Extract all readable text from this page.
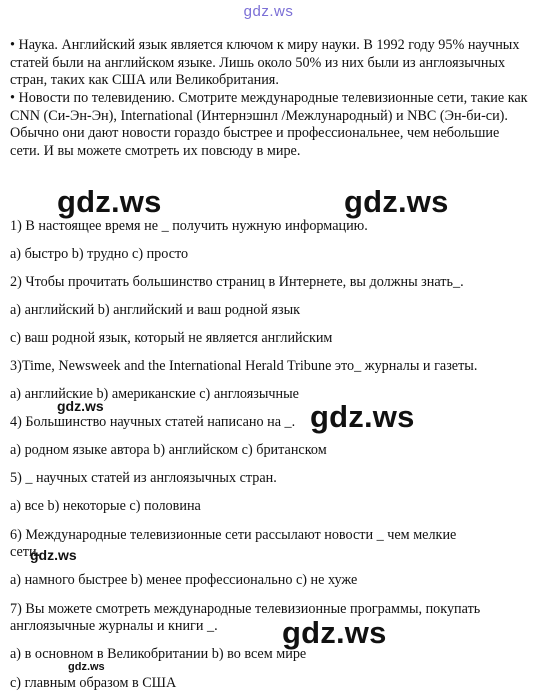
gdz.ws

• Наука. Английский язык является ключом к миру науки. В 1992 году 95% научных статей были на английском языке. Лишь около 50% из них были из англоязычных стран, таких как США или Великобритания.

• Новости по телевидению. Смотрите международные телевизионные сети, такие как CNN (Си-Эн-Эн), International (Интернэшнл /Межлународный) и NBC (Эн-би-си). Обычно они дают новости гораздо быстрее и профессиональнее, чем небольшие сети. И вы можете смотреть их повсюду в мире.

gdz.ws	gdz.ws

1) В настоящее время не _ получить нужную информацию.

а) быстро b) трудно с) просто

2) Чтобы прочитать большинство страниц в Интернете, вы должны знать_.

а) английский b) английский и ваш родной язык

с) ваш родной язык, который не является английским

3)Time, Newsweek and the International Herald Tribune это_ журналы и газеты.

а) английские b) американские с) англоязычные

gdz.ws

4) Большинство научных статей написано на _. gdz.ws

а) родном языке автора b) английском с) британском

5) _ научных статей из англоязычных стран.

а) все b) некоторые с) половина

6) Международные телевизионные сети рассылают новости _ чем мелкие

сети.

gdz.ws

а) намного быстрее b) менее профессионально с) не хуже

7) Вы можете смотреть международные телевизионные программы, покупать

англоязычные журналы и книги _. gdz.ws

а) в основном в Великобритании b) во всем мире

gdz.ws

с) главным образом в США
